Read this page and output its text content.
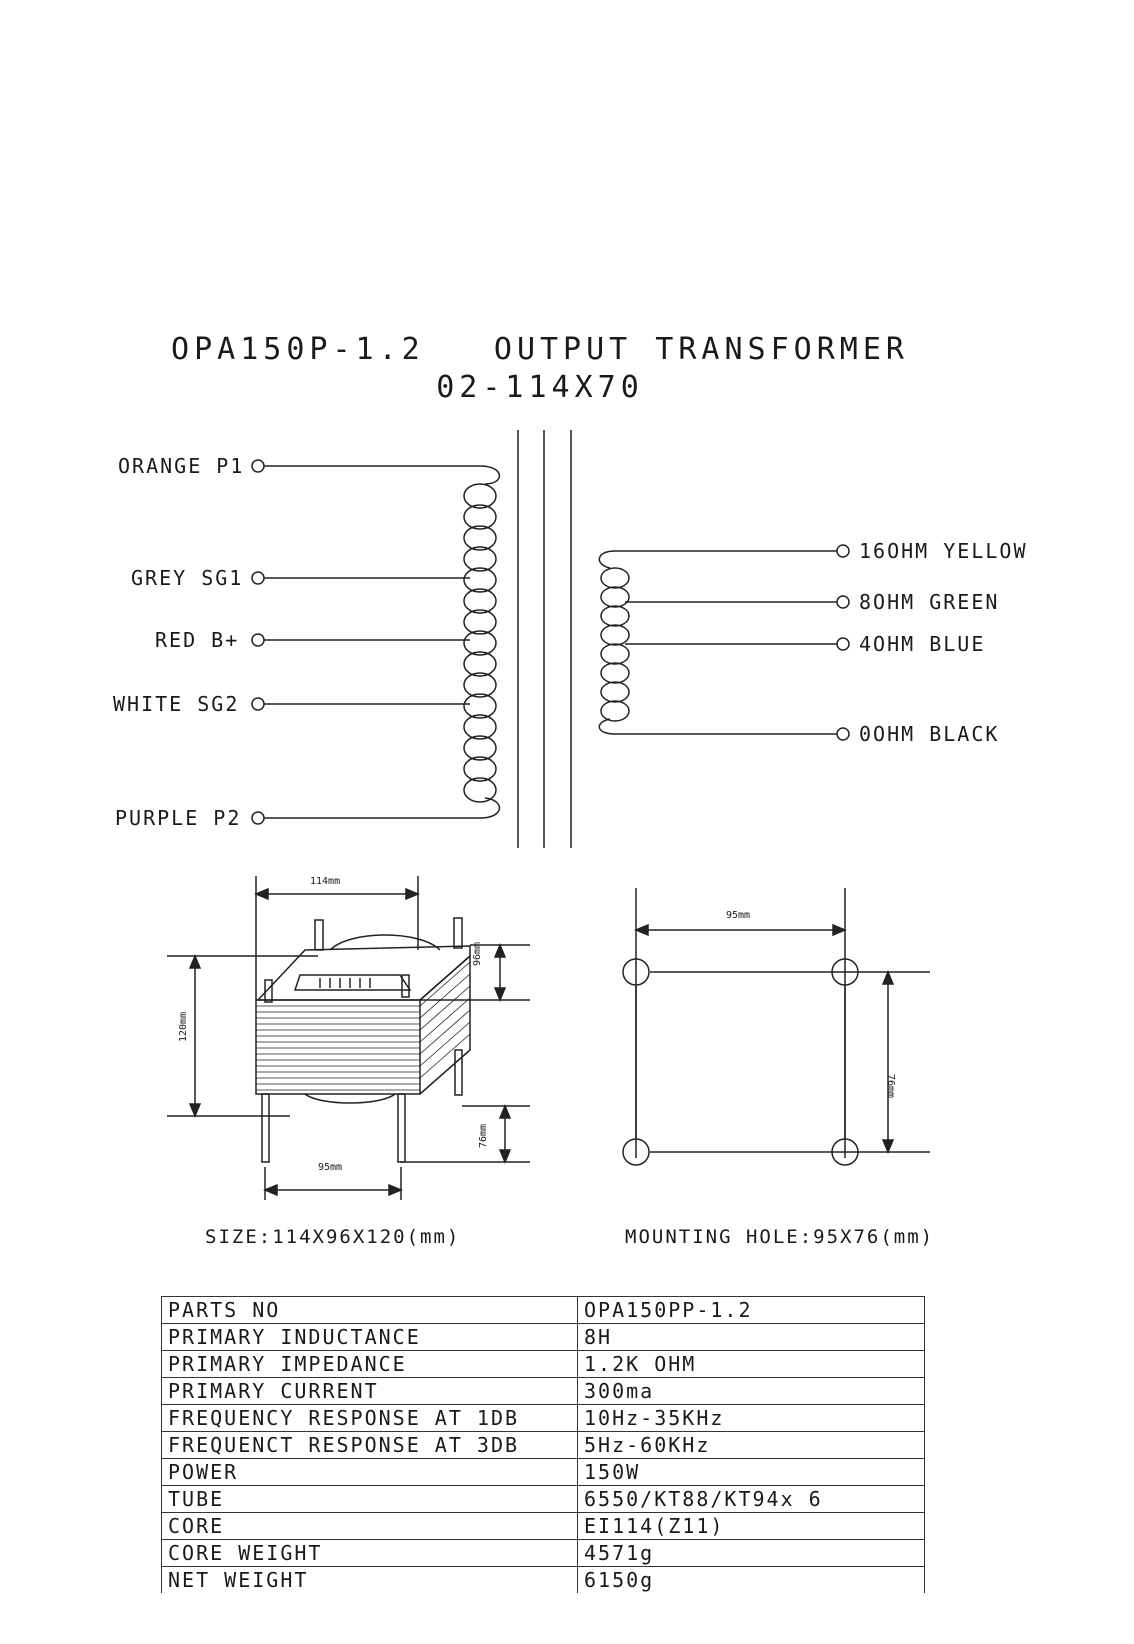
OPA150P-1.2   OUTPUT TRANSFORMER
02-114X70
ORANGE P1
GREY SG1
RED B+
WHITE SG2
PURPLE P2
16OHM YELLOW
8OHM GREEN
4OHM BLUE
0OHM BLACK
114mm
96mm
120mm
76mm
95mm
95mm
76mm
SIZE:114X96X120(mm)	MOUNTING HOLE:95X76(mm)
PARTS NO	OPA150PP-1.2
PRIMARY INDUCTANCE	8H
PRIMARY IMPEDANCE	1.2K OHM
PRIMARY CURRENT	300ma
FREQUENCY RESPONSE AT 1DB	10Hz-35KHz
FREQUENCT RESPONSE AT 3DB	5Hz-60KHz
POWER	150W
TUBE	6550/KT88/KT94x 6
CORE	EI114(Z11)
CORE WEIGHT	4571g
NET WEIGHT	6150g
